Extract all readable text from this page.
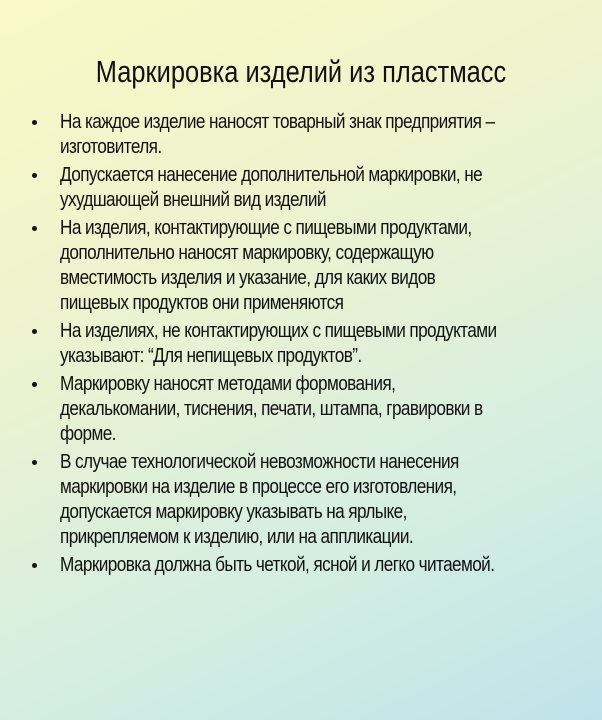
Маркировка изделий из пластмасс
На каждое изделие наносят товарный знак предприятия –
изготовителя.
Допускается нанесение дополнительной маркировки, не
ухудшающей внешний вид изделий
На изделия, контактирующие с пищевыми продуктами,
дополнительно наносят маркировку, содержащую
вместимость изделия и указание, для каких видов
пищевых продуктов они применяются
На изделиях, не контактирующих с пищевыми продуктами
указывают: “Для непищевых продуктов”.
Маркировку наносят методами формования,
декалькомании, тиснения, печати, штампа, гравировки в
форме.
В случае технологической невозможности нанесения
маркировки на изделие в процессе его изготовления,
допускается маркировку указывать на ярлыке,
прикрепляемом к изделию, или на аппликации.
Маркировка должна быть четкой, ясной и легко читаемой.
